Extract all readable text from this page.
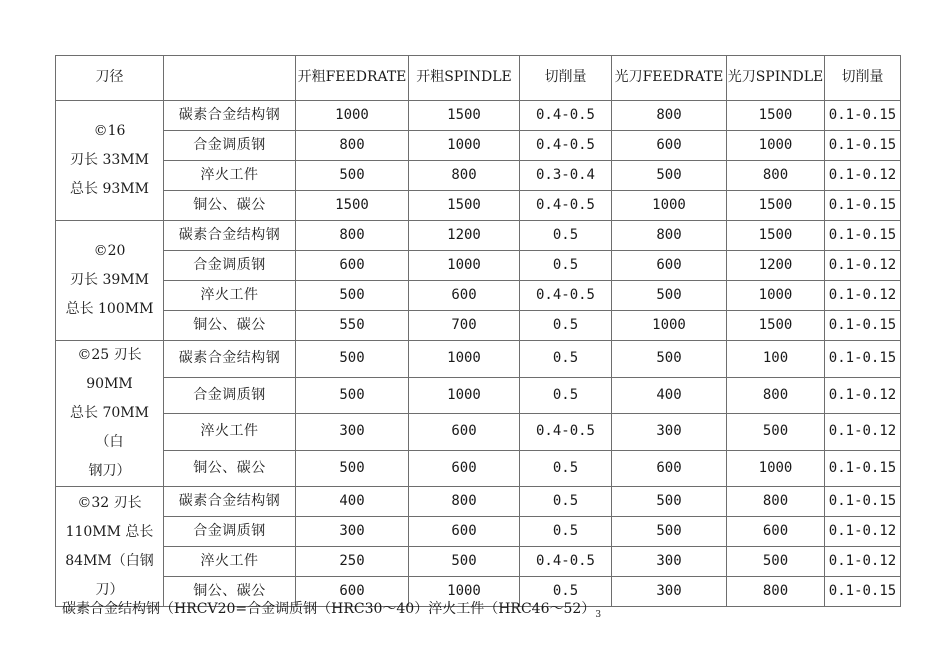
刀径		开粗FEEDRATE	开粗SPINDLE	切削量	光刀FEEDRATE	光刀SPINDLE	切削量

©16
刃长 33MM
总长 93MM	碳素合金结构钢	1000	1500	0.4-0.5	800	1500	0.1-0.15
	合金调质钢	800	1000	0.4-0.5	600	1000	0.1-0.15
	淬火工件	500	800	0.3-0.4	500	800	0.1-0.12
	铜公、碳公	1500	1500	0.4-0.5	1000	1500	0.1-0.15

©20
刃长 39MM
总长 100MM	碳素合金结构钢	800	1200	0.5	800	1500	0.1-0.15
	合金调质钢	600	1000	0.5	600	1200	0.1-0.12
	淬火工件	500	600	0.4-0.5	500	1000	0.1-0.12
	铜公、碳公	550	700	0.5	1000	1500	0.1-0.15

©25 刃长 90MM
总长 70MM（白
钢刀）	碳素合金结构钢	500	1000	0.5	500	100	0.1-0.15
	合金调质钢	500	1000	0.5	400	800	0.1-0.12
	淬火工件	300	600	0.4-0.5	300	500	0.1-0.12
	铜公、碳公	500	600	0.5	600	1000	0.1-0.15

©32 刃长
110MM 总长
84MM（白钢
刀）	碳素合金结构钢	400	800	0.5	500	800	0.1-0.15
	合金调质钢	300	600	0.5	500	600	0.1-0.12
	淬火工件	250	500	0.4-0.5	300	500	0.1-0.12
	铜公、碳公	600	1000	0.5	300	800	0.1-0.15
碳素合金结构钢（HRCV20=合金调质钢（HRC30〜40）淬火工件（HRC46〜$52)_3$
